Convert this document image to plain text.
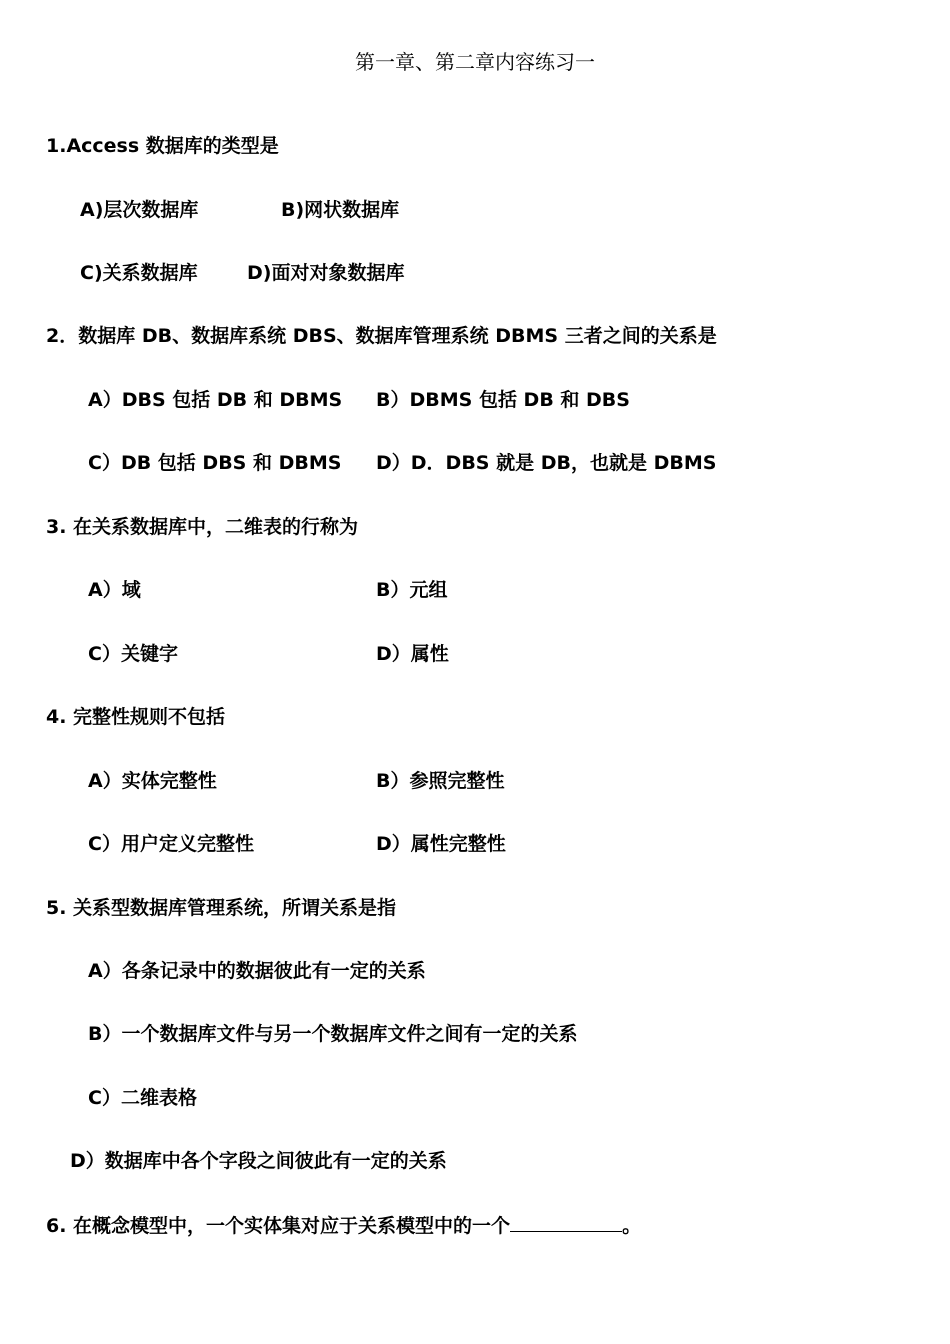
第一章、第二章内容练习一
1.Access 数据库的类型是
A)层次数据库	B)网状数据库
C)关系数据库	D)面对对象数据库
2．数据库 DB、数据库系统 DBS、数据库管理系统 DBMS 三者之间的关系是
A）DBS 包括 DB 和 DBMS B）DBMS 包括 DB 和 DBS
C）DB 包括 DBS 和 DBMS D）D．DBS 就是 DB，也就是 DBMS
3. 在关系数据库中，二维表的行称为
A）域	B）元组
C）关键字	D）属性
4. 完整性规则不包括
A）实体完整性	B）参照完整性
C）用户定义完整性	D）属性完整性
5. 关系型数据库管理系统，所谓关系是指
A）各条记录中的数据彼此有一定的关系
B）一个数据库文件与另一个数据库文件之间有一定的关系
C）二维表格
D）数据库中各个字段之间彼此有一定的关系
6. 在概念模型中，一个实体集对应于关系模型中的一个	。
